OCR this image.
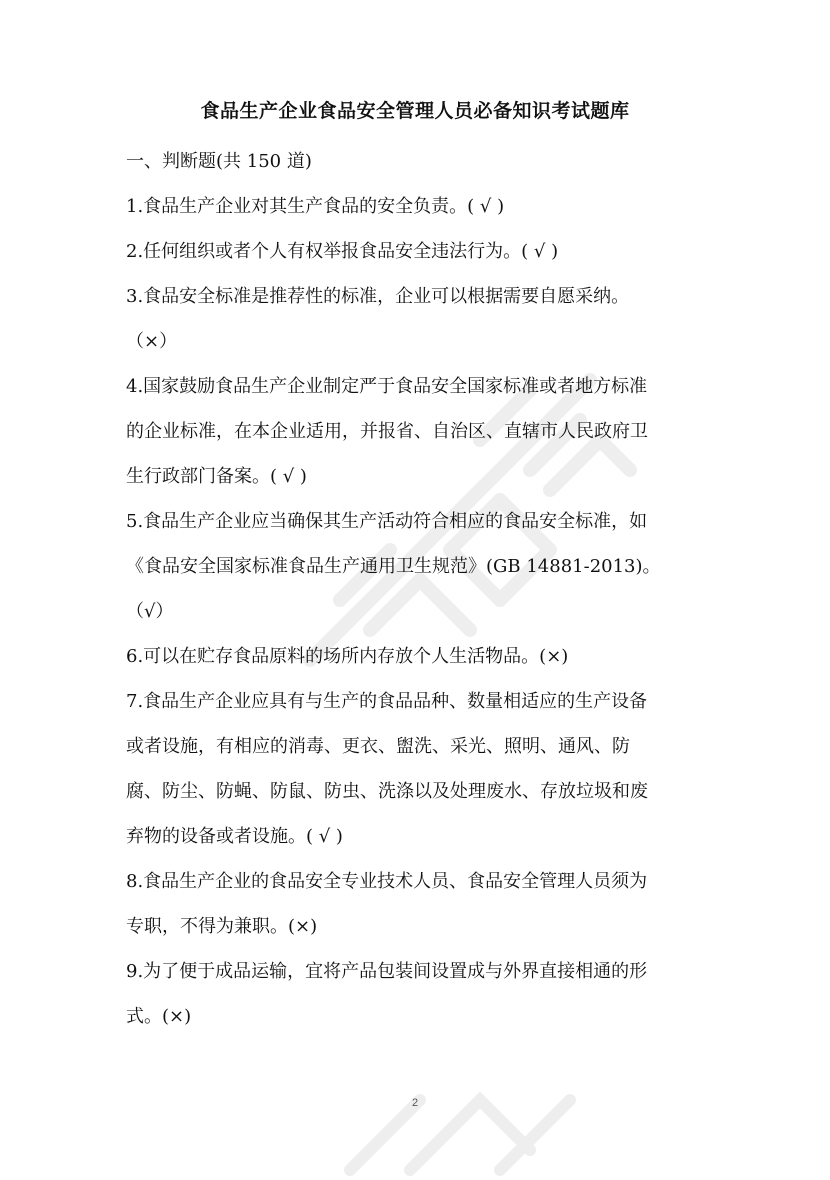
食品生产企业食品安全管理人员必备知识考试题库
一、判断题(共 150 道)
1.食品生产企业对其生产食品的安全负责。( √ )
2.任何组织或者个人有权举报食品安全违法行为。( √ )
3.食品安全标准是推荐性的标准，企业可以根据需要自愿采纳。
（×）
4.国家鼓励食品生产企业制定严于食品安全国家标准或者地方标准
的企业标准，在本企业适用，并报省、自治区、直辖市人民政府卫
生行政部门备案。( √ )
5.食品生产企业应当确保其生产活动符合相应的食品安全标准，如
《食品安全国家标准食品生产通用卫生规范》(GB 14881-2013)。
（√）
6.可以在贮存食品原料的场所内存放个人生活物品。(×)
7.食品生产企业应具有与生产的食品品种、数量相适应的生产设备
或者设施，有相应的消毒、更衣、盥洗、采光、照明、通风、防
腐、防尘、防蝇、防鼠、防虫、洗涤以及处理废水、存放垃圾和废
弃物的设备或者设施。( √ )
8.食品生产企业的食品安全专业技术人员、食品安全管理人员须为
专职，不得为兼职。(×)
9.为了便于成品运输，宜将产品包装间设置成与外界直接相通的形
式。(×)
2
